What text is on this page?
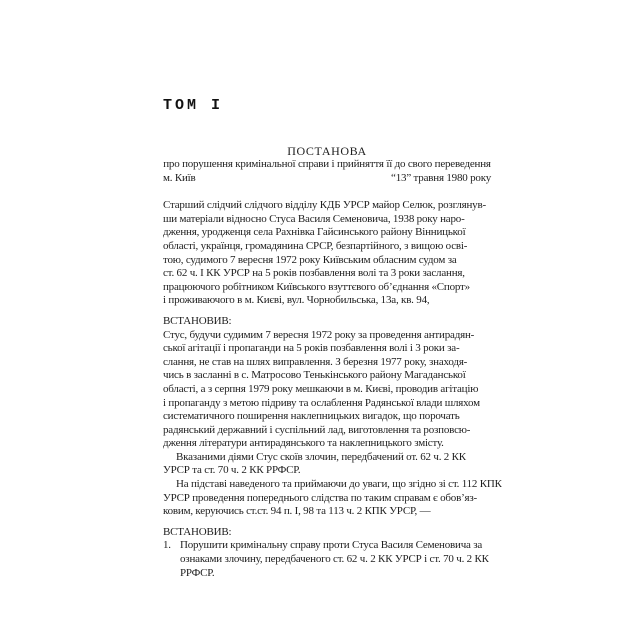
ТОМ I
ПОСТАНОВА
про порушення кримінальної справи і прийняття її до свого переведення
м. Київ	“13” травня 1980 року
Старший слідчий слідчого відділу КДБ УРСР майор Селюк, розглянув-
ши матеріали відносно Стуса Василя Семеновича, 1938 року наро-
дження, уродженця села Рахнівка Гайсинського району Вінницької
області, українця, громадянина СРСР, безпартійного, з вищою осві-
тою, судимого 7 вересня 1972 року Київським обласним судом за
ст. 62 ч. I КК УРСР на 5 років позбавлення волі та 3 роки заслання,
працюючого робітником Київського взуттєвого об’єднання «Спорт»
і проживаючого в м. Києві, вул. Чорнобильська, 13а, кв. 94,
ВСТАНОВИВ:
Стус, будучи судимим 7 вересня 1972 року за проведення антирадян-
ської агітації і пропаганди на 5 років позбавлення волі і 3 роки за-
слання, не став на шлях виправлення. З березня 1977 року, знаходя-
чись в засланні в с. Матросово Тенькінського району Магаданської
області, а з серпня 1979 року мешкаючи в м. Києві, проводив агітацію
і пропаганду з метою підриву та ослаблення Радянської влади шляхом
систематичного поширення наклепницьких вигадок, що порочать
радянський державний і суспільний лад, виготовлення та розповсю-
дження літератури антирадянського та наклепницького змісту.
Вказаними діями Стус скоїв злочин, передбачений от. 62 ч. 2 КК
УРСР та ст. 70 ч. 2 КК РРФСР.
На підставі наведеного та приймаючи до уваги, що згідно зі ст. 112 КПК
УРСР проведення попереднього слідства по таким справам є обов’яз-
ковим, керуючись ст.ст. 94 п. I, 98 та 113 ч. 2 КПК УРСР, —
ВСТАНОВИВ:
1. Порушити кримінальну справу проти Стуса Василя Семеновича за
ознаками злочину, передбаченого ст. 62 ч. 2 КК УРСР і ст. 70 ч. 2 КК
РРФСР.
